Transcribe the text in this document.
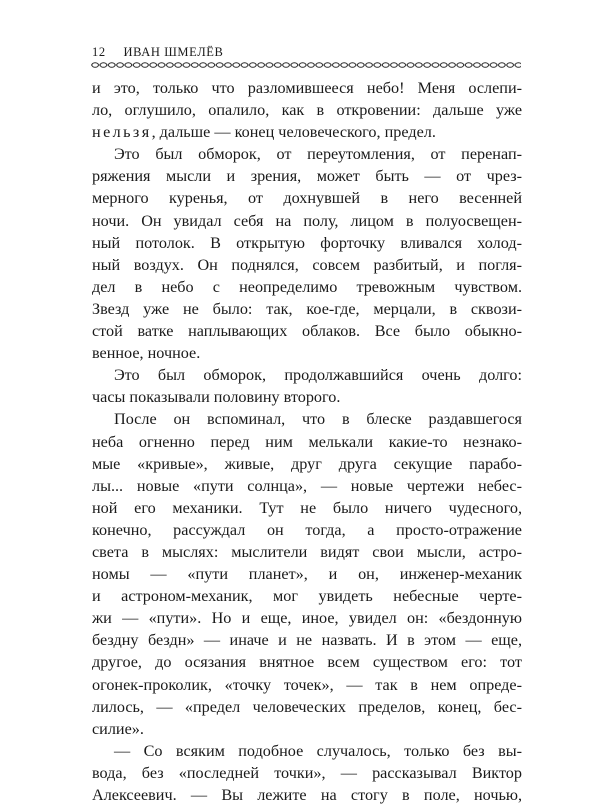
12 ИВАН ШМЕЛЁВ
и это, только что разломившееся небо! Меня ослепи-
ло, оглушило, опалило, как в откровении: дальше уже
нельзя, дальше — конец человеческого, предел.
Это был обморок, от переутомления, от перенап-
ряжения мысли и зрения, может быть — от чрез-
мерного куренья, от дохнувшей в него весенней
ночи. Он увидал себя на полу, лицом в полуосвещен-
ный потолок. В открытую форточку вливался холод-
ный воздух. Он поднялся, совсем разбитый, и погля-
дел в небо с неопределимо тревожным чувством.
Звезд уже не было: так, кое-где, мерцали, в сквози-
стой ватке наплывающих облаков. Все было обыкно-
венное, ночное.
Это был обморок, продолжавшийся очень долго:
часы показывали половину второго.
После он вспоминал, что в блеске раздавшегося
неба огненно перед ним мелькали какие-то незнако-
мые «кривые», живые, друг друга секущие парабо-
лы... новые «пути солнца», — новые чертежи небес-
ной его механики. Тут не было ничего чудесного,
конечно, рассуждал он тогда, а просто-отражение
света в мыслях: мыслители видят свои мысли, астро-
номы — «пути планет», и он, инженер-механик
и астроном-механик, мог увидеть небесные черте-
жи — «пути». Но и еще, иное, увидел он: «бездонную
бездну бездн» — иначе и не назвать. И в этом — еще,
другое, до осязания внятное всем существом его: тот
огонек-проколик, «точку точек», — так в нем опреде-
лилось, — «предел человеческих пределов, конец, бес-
силие».
— Со всяким подобное случалось, только без вы-
вода, без «последней точки», — рассказывал Виктор
Алексеевич. — Вы лежите на стогу в поле, ночью,
